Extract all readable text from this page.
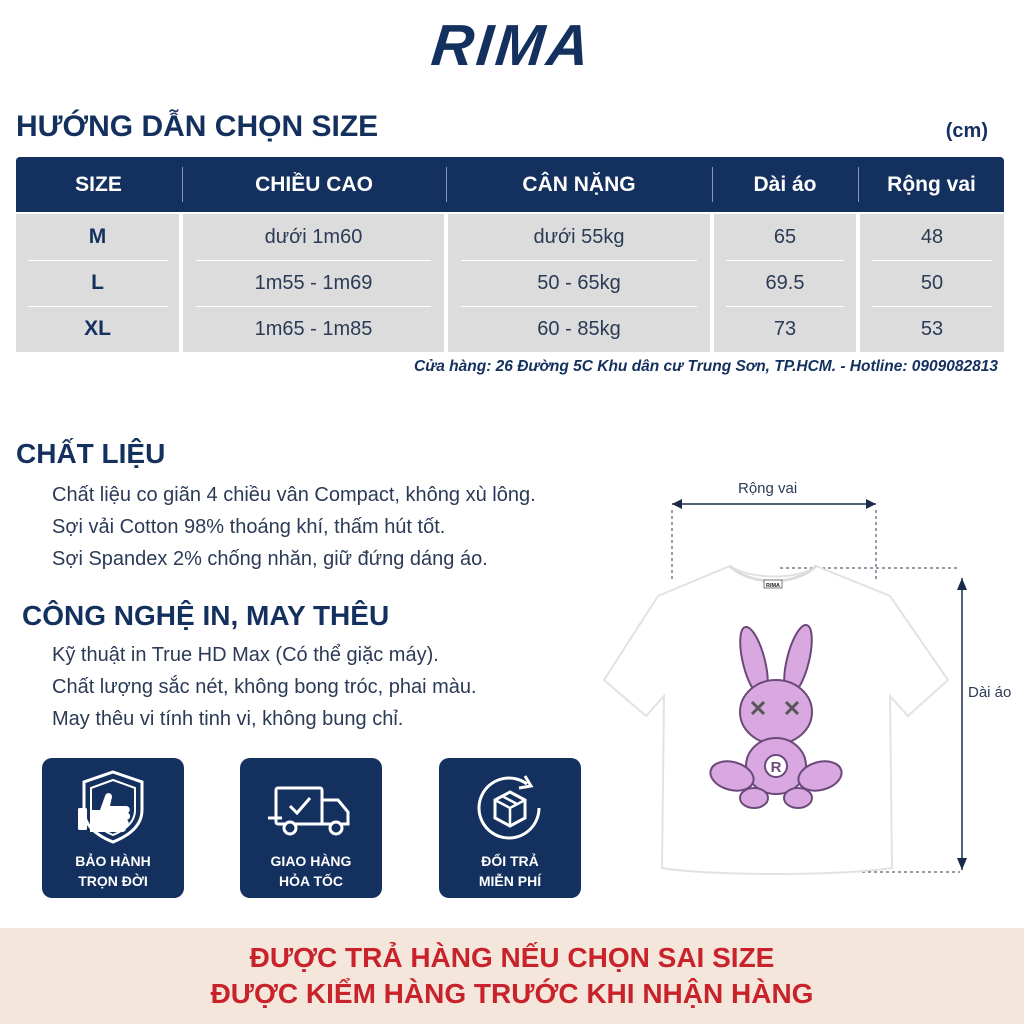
RIMA
HƯỚNG DẪN CHỌN SIZE	(cm)
SIZE	CHIỀU CAO	CÂN NẶNG	Dài áo	Rộng vai
M	dưới 1m60	dưới 55kg	65	48
L	1m55 - 1m69	50 - 65kg	69.5	50
XL	1m65 - 1m85	60 - 85kg	73	53
Cửa hàng: 26 Đường 5C Khu dân cư Trung Sơn, TP.HCM. - Hotline: 0909082813
CHẤT LIỆU
Chất liệu co giãn 4 chiều vân Compact, không xù lông.
Sợi vải Cotton 98% thoáng khí, thấm hút tốt.
Sợi Spandex 2% chống nhăn, giữ đứng dáng áo.
CÔNG NGHỆ IN, MAY THÊU
Kỹ thuật in True HD Max (Có thể giặc máy).
Chất lượng sắc nét, không bong tróc, phai màu.
May thêu vi tính tinh vi, không bung chỉ.
BẢO HÀNH
TRỌN ĐỜI
GIAO HÀNG
HỎA TỐC
ĐỔI TRẢ
MIỄN PHÍ
RIMA
R
Rộng vai
Dài áo
ĐƯỢC TRẢ HÀNG NẾU CHỌN SAI SIZE
ĐƯỢC KIỂM HÀNG TRƯỚC KHI NHẬN HÀNG
